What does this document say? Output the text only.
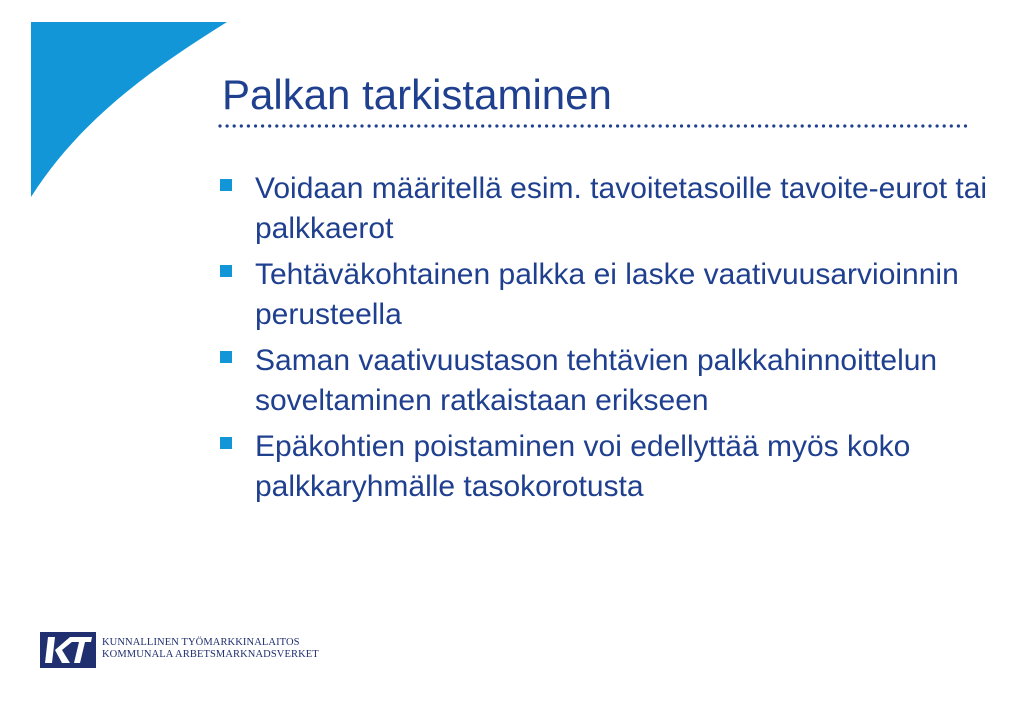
Palkan tarkistaminen
Voidaan määritellä esim. tavoitetasoille tavoite-eurot tai palkkaerot
Tehtäväkohtainen palkka ei laske vaativuusarvioinnin perusteella
Saman vaativuustason tehtävien palkkahinnoittelun soveltaminen ratkaistaan erikseen
Epäkohtien poistaminen voi edellyttää myös koko palkkaryhmälle tasokorotusta
KUNNALLINEN TYÖMARKKINALAITOS
KOMMUNALA ARBETSMARKNADSVERKET
